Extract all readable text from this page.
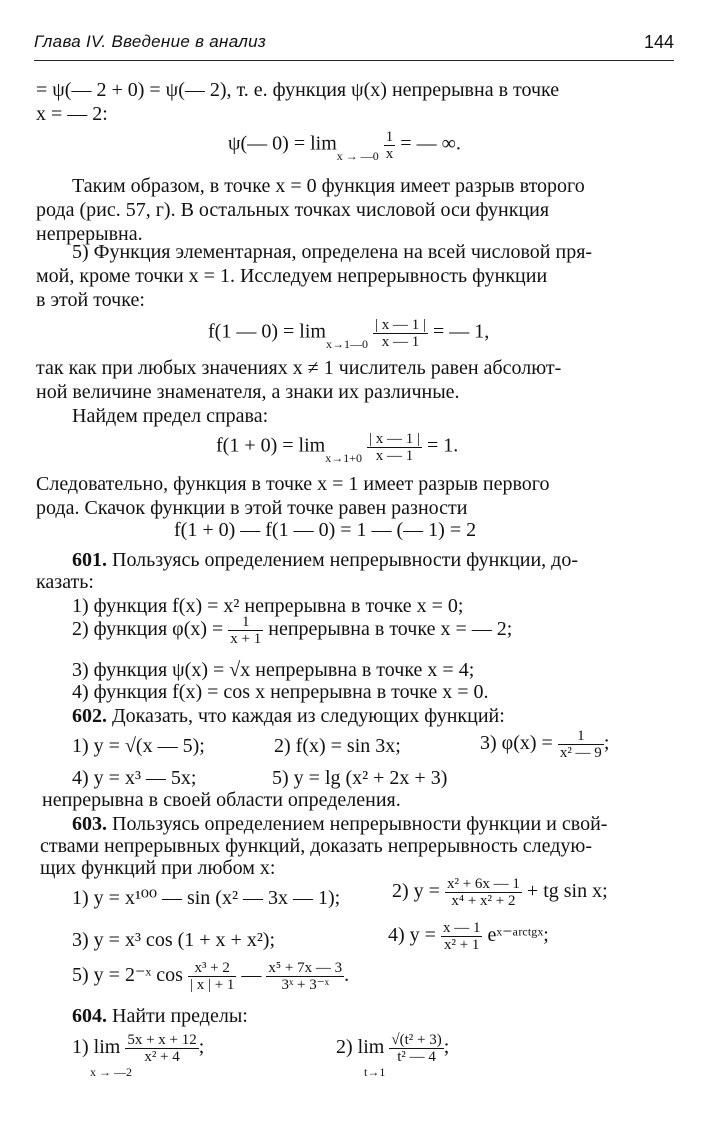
Глава IV. Введение в анализ	144
= ψ(— 2 + 0) = ψ(— 2), т. е. функция ψ(x) непрерывна в точке
x = — 2:
ψ(— 0) = lim
x → —0
$\frac{1}{x}$ = — ∞.
Таким образом, в точке x = 0 функция имеет разрыв второго
рода (рис. 57, г). В остальных точках числовой оси функция
непрерывна.
5) Функция элементарная, определена на всей числовой пря-
мой, кроме точки x = 1. Исследуем непрерывность функции
в этой точке:
f(1 — 0) = lim
x→1—0
$\frac{| x — 1 |}{x — 1}$ = — 1,
так как при любых значениях x ≠ 1 числитель равен абсолют-
ной величине знаменателя, а знаки их различные.
Найдем предел справа:
f(1 + 0) = lim
x→1+0
$\frac{| x — 1 |}{x — 1} = 1$.
Следовательно, функция в точке x = 1 имеет разрыв первого
рода. Скачок функции в этой точке равен разности
f(1 + 0) — f(1 — 0) = 1 — (— 1) = 2
601. Пользуясь определением непрерывности функции, до-
казать:
1) функция f(x) = x² непрерывна в точке x = 0;
2) функция $\varphi(x) = \frac{1}{x + 1}$ непрерывна в точке x = — 2;
3) функция ψ(x) = √x непрерывна в точке x = 4;
4) функция f(x) = cos x непрерывна в точке x = 0.
602. Доказать, что каждая из следующих функций:
1) y = √(x — 5);	2) f(x) = sin 3x;	3) $\varphi(x) = \frac{1}{\text{x² — 9}}$ ;
4) y = x³ — 5x;	5) y = lg (x² + 2x + 3)
непрерывна в своей области определения.
603. Пользуясь определением непрерывности функции и свой-
ствами непрерывных функций, доказать непрерывность следую-
щих функций при любом x:
1) y = x¹⁰⁰ — sin (x² — 3x — 1);	2) $y = \frac{\text{x² + 6x — 1}}{\text{x⁴ + x² + 2}}$ + tg sin x;
3) y = x³ cos (1 + x + x²);	4) $y = \frac{x — 1}{\text{x² + 1}}$ eˣ⁻ᵃʳᶜᵗᵍˣ;
5) y = 2⁻ˣ $\cos \frac{\text{x³ + 2}}{| x | + 1}$ — $\frac{\text{x⁵ + 7x — 3}}{\text{3ˣ + 3⁻ˣ}}$ .
604. Найти пределы:
1) $\lim \frac{5x + x + 12}{\text{x² + 4}}$ ;
x → —2
2) $\lim \frac{\text{√(t² + 3)}}{\text{t² — 4}}$ ;
t→1
